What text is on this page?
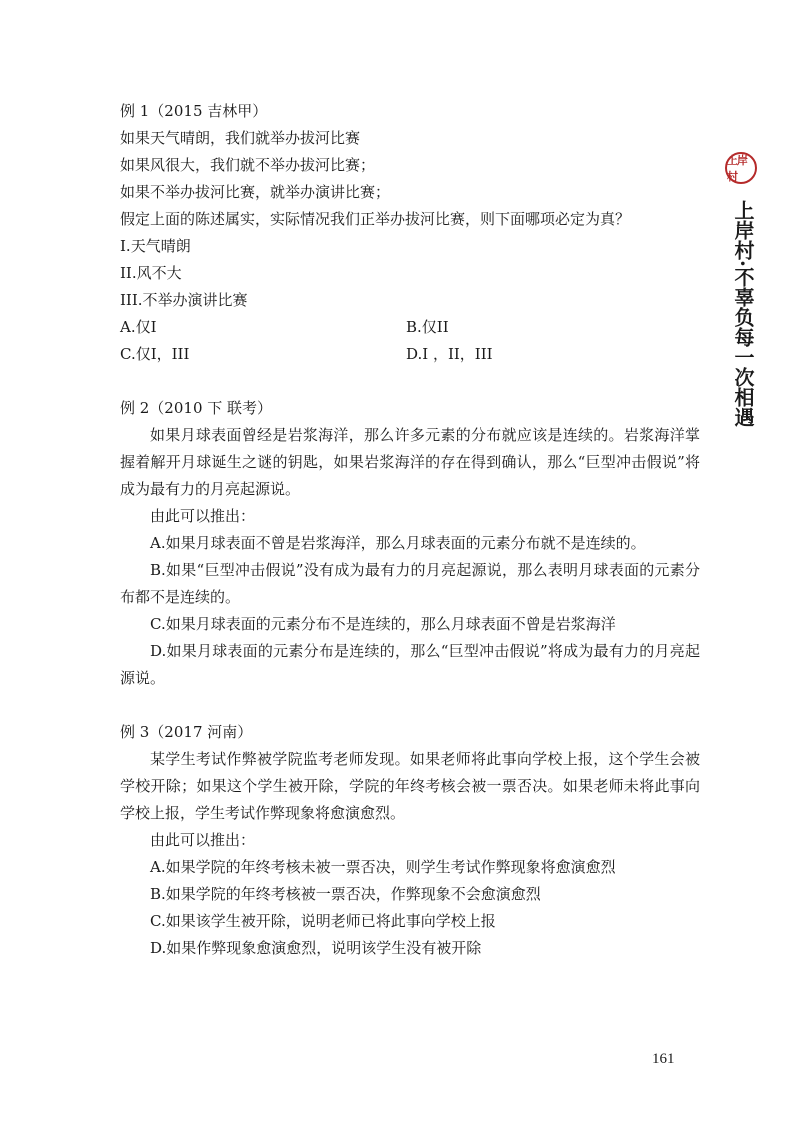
上岸村
上岸村·不辜负每一次相遇
例 1（2015 吉林甲）
如果天气晴朗，我们就举办拔河比赛
如果风很大，我们就不举办拔河比赛；
如果不举办拔河比赛，就举办演讲比赛；
假定上面的陈述属实，实际情况我们正举办拔河比赛，则下面哪项必定为真？
I.天气晴朗
II.风不大
III.不举办演讲比赛
A.仅I	B.仅II
C.仅I，III	D.I ，II，III
例 2（2010 下 联考）
如果月球表面曾经是岩浆海洋，那么许多元素的分布就应该是连续的。岩浆海洋掌握着解开月球诞生之谜的钥匙，如果岩浆海洋的存在得到确认，那么“巨型冲击假说”将成为最有力的月亮起源说。
由此可以推出：
A.如果月球表面不曾是岩浆海洋，那么月球表面的元素分布就不是连续的。
B.如果“巨型冲击假说”没有成为最有力的月亮起源说，那么表明月球表面的元素分布都不是连续的。
C.如果月球表面的元素分布不是连续的，那么月球表面不曾是岩浆海洋
D.如果月球表面的元素分布是连续的，那么“巨型冲击假说”将成为最有力的月亮起源说。
例 3（2017 河南）
某学生考试作弊被学院监考老师发现。如果老师将此事向学校上报，这个学生会被学校开除；如果这个学生被开除，学院的年终考核会被一票否决。如果老师未将此事向学校上报，学生考试作弊现象将愈演愈烈。
由此可以推出：
A.如果学院的年终考核未被一票否决，则学生考试作弊现象将愈演愈烈
B.如果学院的年终考核被一票否决，作弊现象不会愈演愈烈
C.如果该学生被开除，说明老师已将此事向学校上报
D.如果作弊现象愈演愈烈，说明该学生没有被开除
161
